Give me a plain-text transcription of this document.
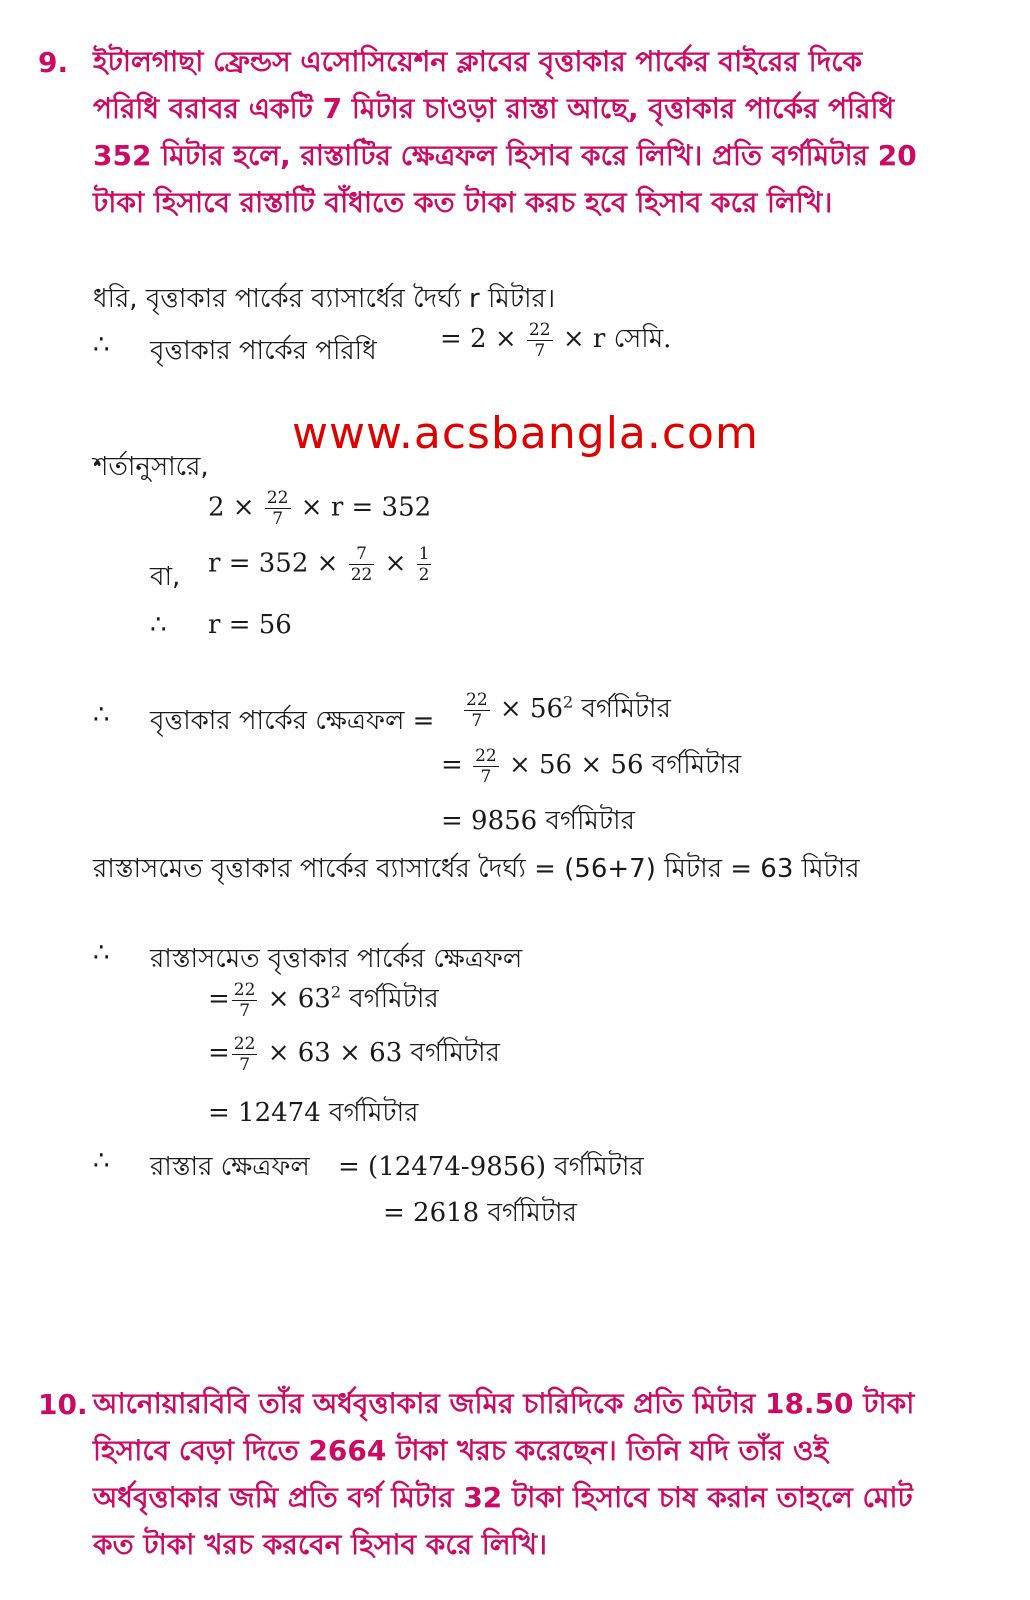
9. ইটালগাছা ফ্রেন্ডস এসোসিয়েশন ক্লাবের বৃত্তাকার পার্কের বাইরের দিকে
পরিধি বরাবর একটি 7 মিটার চাওড়া রাস্তা আছে, বৃত্তাকার পার্কের পরিধি
352 মিটার হলে, রাস্তাটির ক্ষেত্রফল হিসাব করে লিখি। প্রতি বর্গমিটার 20
টাকা হিসাবে রাস্তাটি বাঁধাতে কত টাকা করচ হবে হিসাব করে লিখি।
ধরি, বৃত্তাকার পার্কের ব্যাসার্ধের দৈর্ঘ্য r মিটার।
∴ বৃত্তাকার পার্কের পরিধি = $2 \times \frac{22}{7} \times r$ সেমি.
www.acsbangla.com
শর্তানুসারে,
$2 \times \frac{22}{7} \times r = 352$
বা, $r = 352 \times \frac{7}{22} \times \frac{1}{2}$
∴ r = 56
∴ বৃত্তাকার পার্কের ক্ষেত্রফল = $\frac{22}{7} \times 56^2$ বর্গমিটার
= $\frac{22}{7} \times 56 \times 56$ বর্গমিটার
= 9856 বর্গমিটার
রাস্তাসমেত বৃত্তাকার পার্কের ব্যাসার্ধের দৈর্ঘ্য = (56+7) মিটার = 63 মিটার
∴ রাস্তাসমেত বৃত্তাকার পার্কের ক্ষেত্রফল
= $\frac{22}{7} \times 63^2$ বর্গমিটার
= $\frac{22}{7} \times 63 \times 63$ বর্গমিটার
= 12474 বর্গমিটার
∴ রাস্তার ক্ষেত্রফল = (12474-9856) বর্গমিটার
= 2618 বর্গমিটার
10. আনোয়ারবিবি তাঁর অর্ধবৃত্তাকার জমির চারিদিকে প্রতি মিটার 18.50 টাকা
হিসাবে বেড়া দিতে 2664 টাকা খরচ করেছেন। তিনি যদি তাঁর ওই
অর্ধবৃত্তাকার জমি প্রতি বর্গ মিটার 32 টাকা হিসাবে চাষ করান তাহলে মোট
কত টাকা খরচ করবেন হিসাব করে লিখি।
